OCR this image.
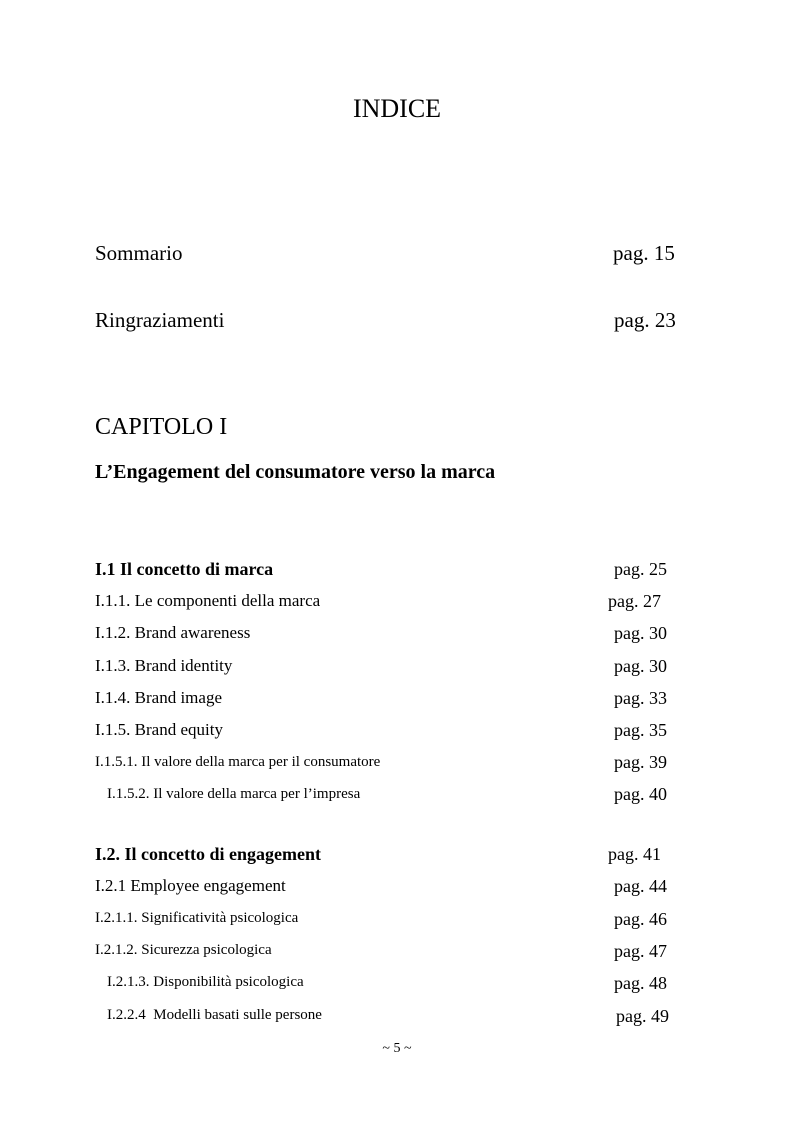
INDICE
Sommario	pag. 15
Ringraziamenti	pag. 23
CAPITOLO I
L’Engagement del consumatore verso la marca
I.1 Il concetto di marca	pag. 25
I.1.1. Le componenti della marca	pag. 27
I.1.2. Brand awareness	pag. 30
I.1.3. Brand identity	pag. 30
I.1.4. Brand image	pag. 33
I.1.5. Brand equity	pag. 35
I.1.5.1. Il valore della marca per il consumatore	pag. 39
I.1.5.2. Il valore della marca per l’impresa	pag. 40
I.2. Il concetto di engagement	pag. 41
I.2.1 Employee engagement	pag. 44
I.2.1.1. Significatività psicologica	pag. 46
I.2.1.2. Sicurezza psicologica	pag. 47
I.2.1.3. Disponibilità psicologica	pag. 48
I.2.2.4  Modelli basati sulle persone	pag. 49
~ 5 ~
